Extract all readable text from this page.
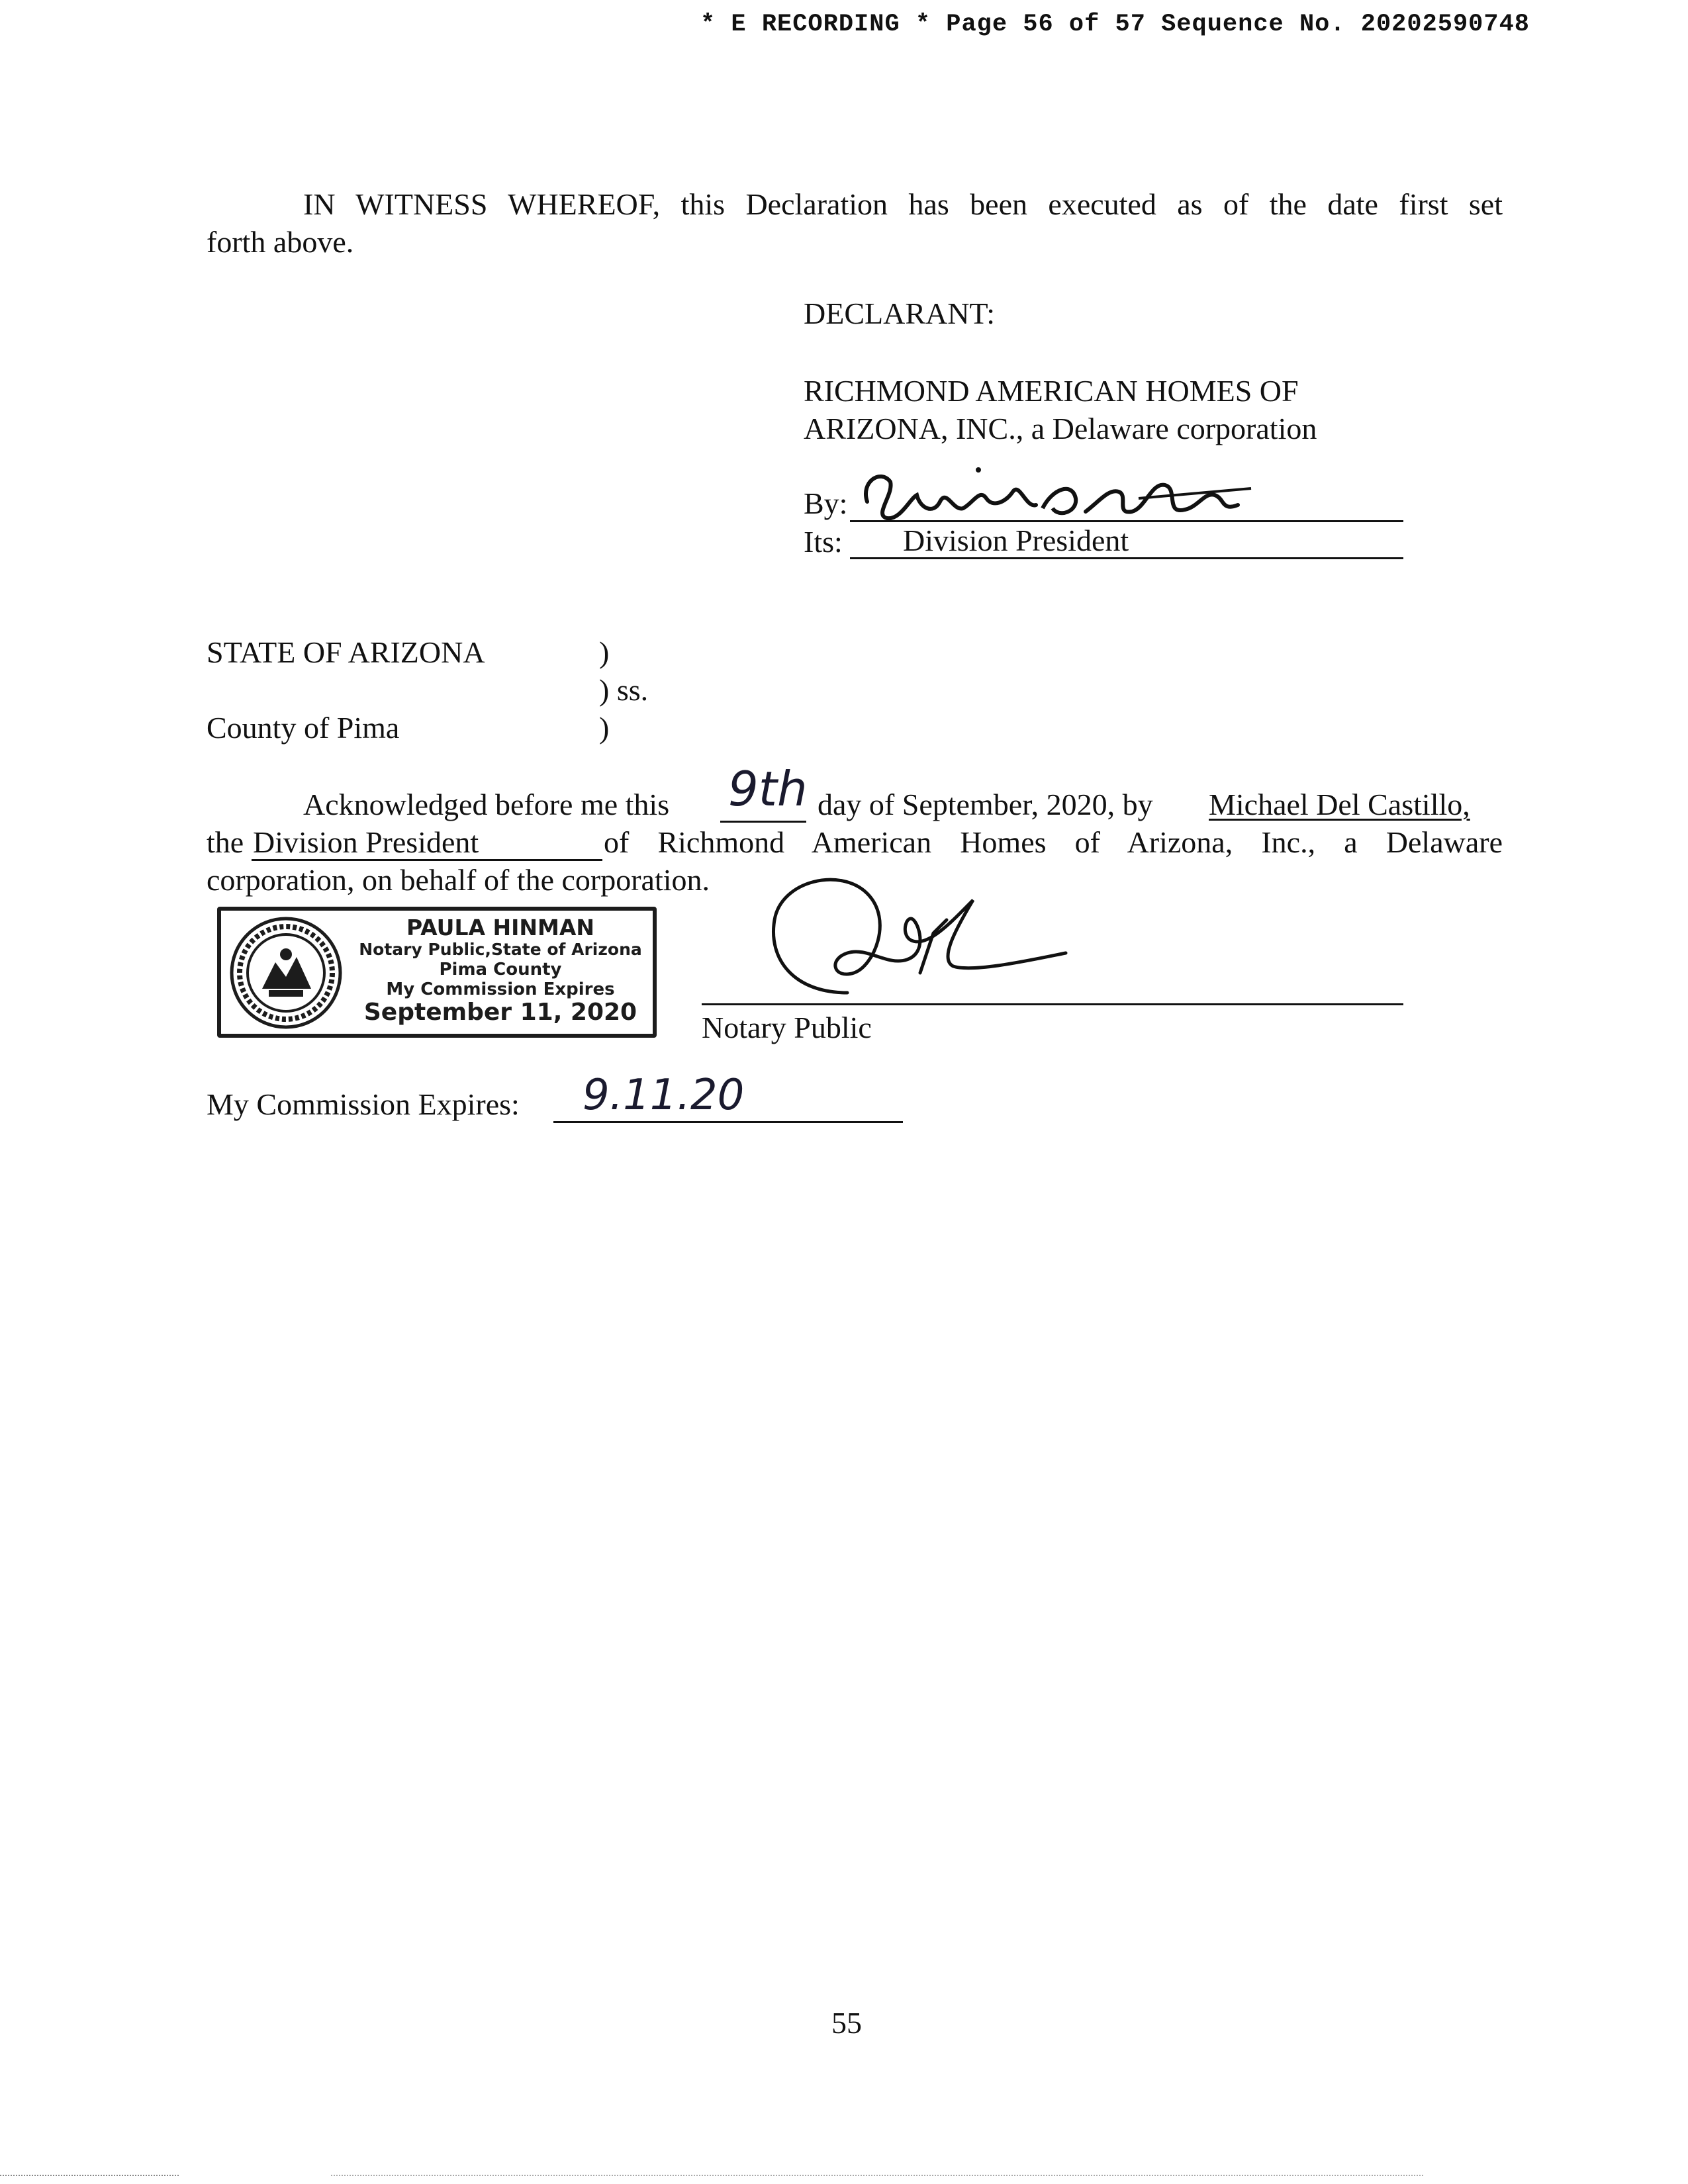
* E RECORDING * Page 56 of 57 Sequence No. 20202590748
IN WITNESS WHEREOF, this Declaration has been executed as of the date first set
forth above.
DECLARANT:
RICHMOND AMERICAN HOMES OF
ARIZONA, INC., a Delaware corporation
By:
Its: Division President
STATE OF ARIZONA	)
) ss.
County of Pima	)
Acknowledged before me this 9th day of September, 2020, by Michael Del Castillo,
the Division President	of Richmond American Homes of Arizona, Inc., a Delaware
corporation, on behalf of the corporation.
PAULA HINMAN
Notary Public,State of Arizona
Pima County
My Commission Expires
September 11, 2020	Notary Public
My Commission Expires: 9.11.20
55
